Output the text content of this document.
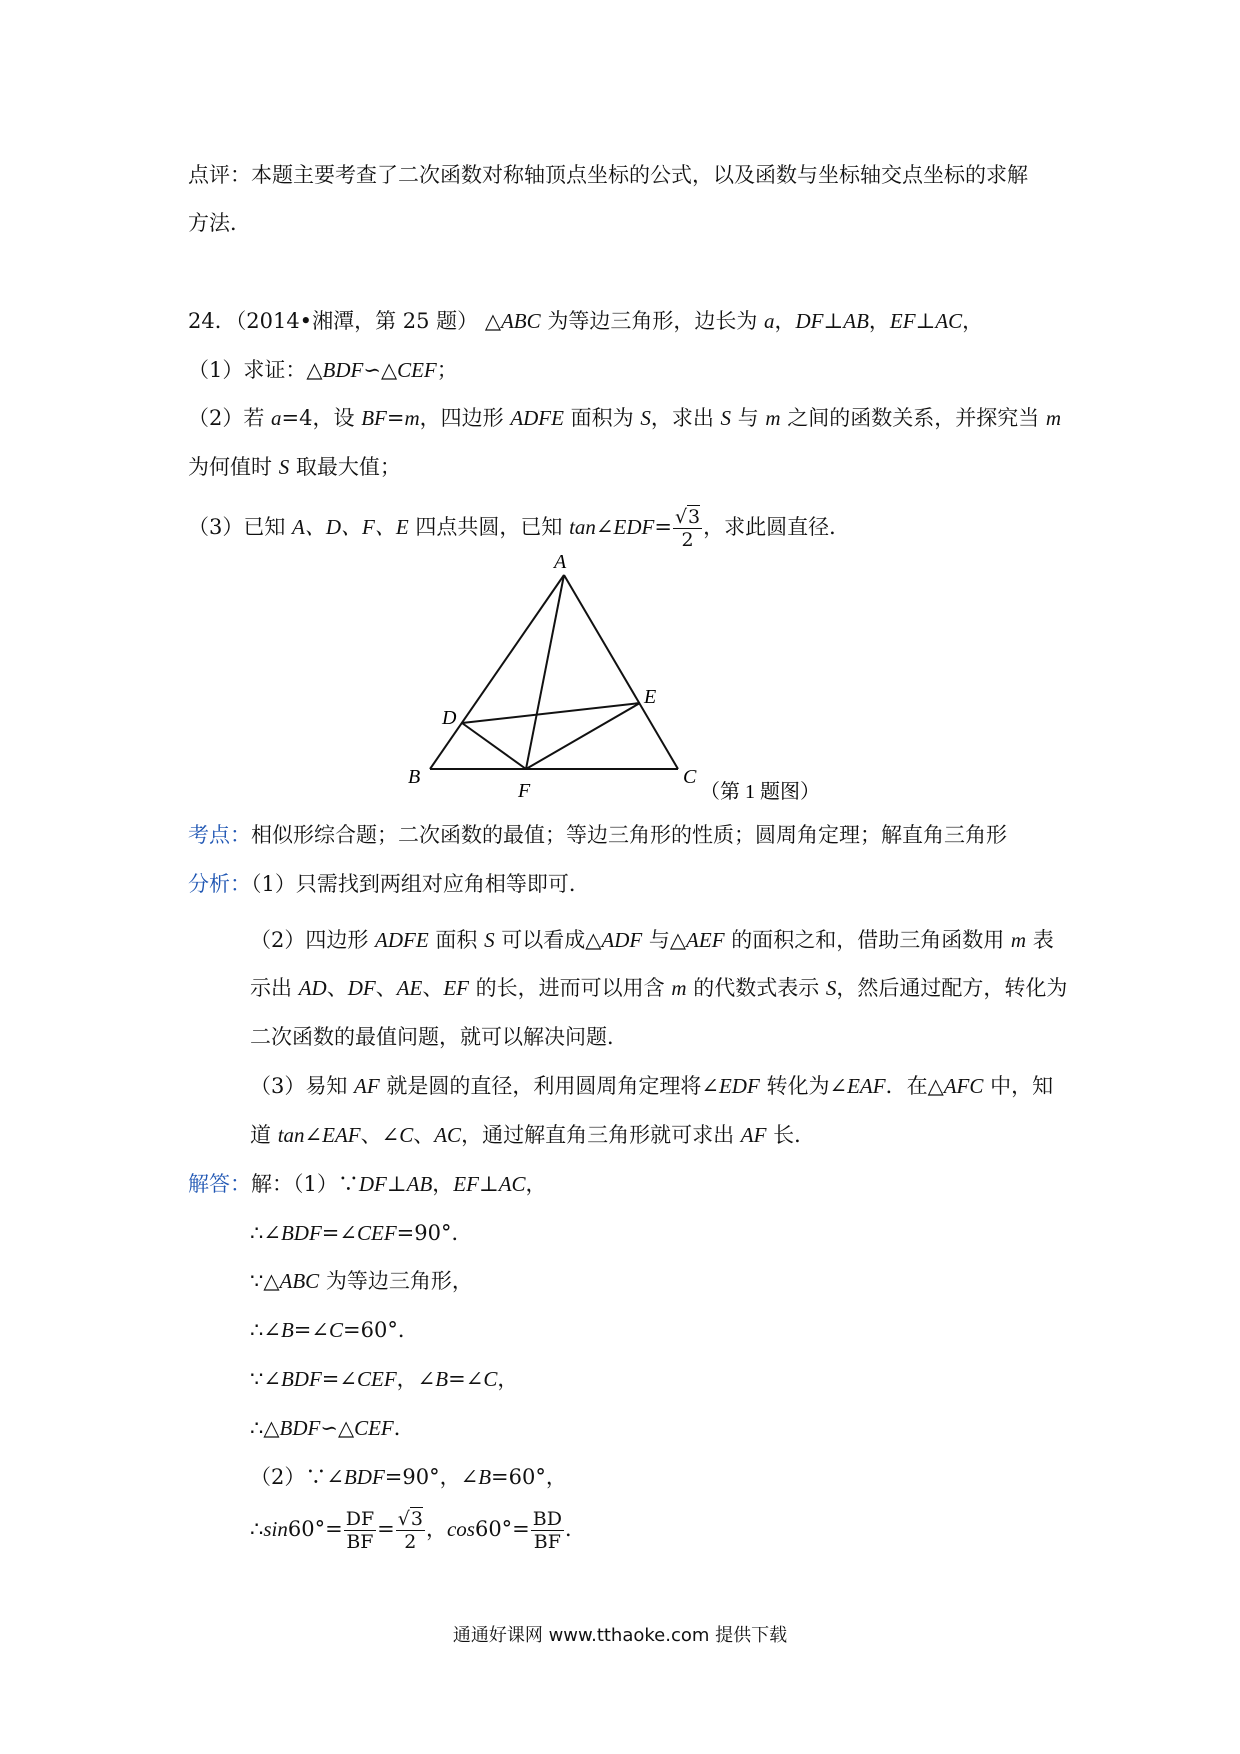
点评：本题主要考查了二次函数对称轴顶点坐标的公式，以及函数与坐标轴交点坐标的求解
方法．
24．（2014•湘潭，第 25 题） △ABC 为等边三角形，边长为 a，DF⊥AB，EF⊥AC，
（1）求证：△BDF∽△CEF；
（2）若 a=4，设 BF=m，四边形 ADFE 面积为 S，求出 S 与 m 之间的函数关系，并探究当 m
为何值时 S 取最大值；
（3）已知 A、D、F、E 四点共圆，已知 tan∠EDF= $\frac{√3}{2}$ ，求此圆直径．
A
B	C
D
E
F	（第 1 题图）
考点：相似形综合题；二次函数的最值；等边三角形的性质；圆周角定理；解直角三角形
分析：（1）只需找到两组对应角相等即可．
（2）四边形 ADFE 面积 S 可以看成△ADF 与△AEF 的面积之和，借助三角函数用 m 表
示出 AD、DF、AE、EF 的长，进而可以用含 m 的代数式表示 S，然后通过配方，转化为
二次函数的最值问题，就可以解决问题．
（3）易知 AF 就是圆的直径，利用圆周角定理将∠EDF 转化为∠EAF．在△AFC 中，知
道 tan∠EAF、∠C、AC，通过解直角三角形就可求出 AF 长．
解答：解：（1）∵DF⊥AB，EF⊥AC，
∴∠BDF=∠CEF=90°．
∵△ABC 为等边三角形，
∴∠B=∠C=60°．
∵∠BDF=∠CEF，∠B=∠C，
∴△BDF∽△CEF．
（2）∵∠BDF=90°，∠B=60°，
∴sin60°= $\frac{DF}{BF} = \frac{√3}{2}$ ，$\cos 60^\circ= \frac{BD}{BF}$ ．
通通好课网 www.tthaoke.com 提供下载
